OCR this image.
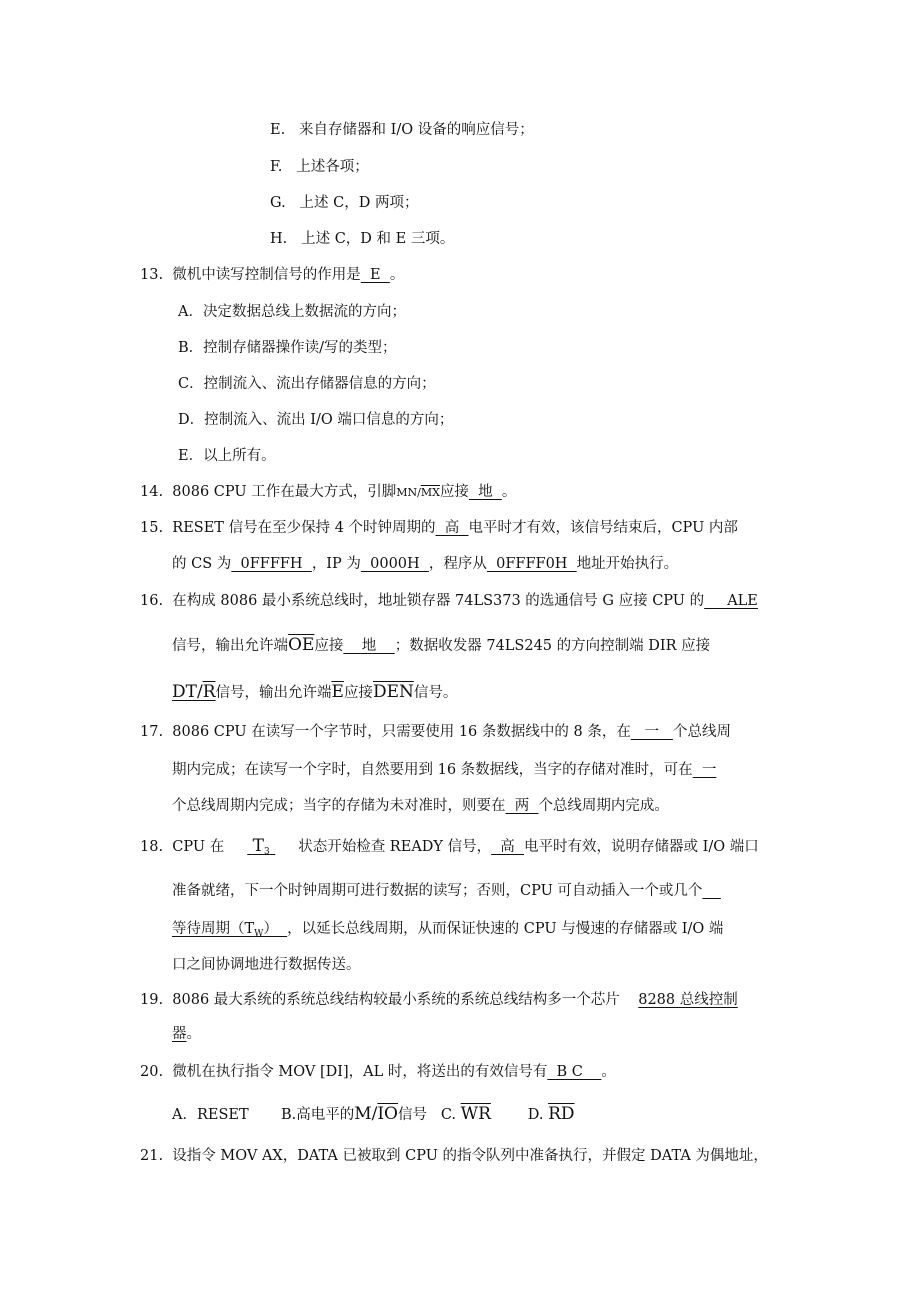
E. 来自存储器和 I/O 设备的响应信号；
F. 上述各项；
G. 上述 C，D 两项；
H. 上述 C，D 和 E 三项。
13. 微机中读写控制信号的作用是  E  。
A．决定数据总线上数据流的方向；
B．控制存储器操作读/写的类型；
C．控制流入、流出存储器信息的方向；
D．控制流入、流出 I/O 端口信息的方向；
E．以上所有。
14. 8086 CPU 工作在最大方式，引脚$MN/\overline{MX}$应接  地  。
15. RESET 信号在至少保持 4 个时钟周期的  高  电平时才有效，该信号结束后，CPU 内部
的 CS 为  0FFFFH  ，IP 为  0000H  ，程序从  0FFFF0H  地址开始执行。
16. 在构成 8086 最小系统总线时，地址锁存器 74LS373 的选通信号 G 应接 CPU 的     ALE
信号，输出允许端$\overline{OE}$应接    地    ；数据收发器 74LS245 的方向控制端 DIR 应接
DT/R信号，输出允许端$\overline{E}$应接$\overline{DEN}$信号。
17. 8086 CPU 在读写一个字节时，只需要使用 16 条数据线中的 8 条，在   一   个总线周
期内完成；在读写一个字时，自然要用到 16 条数据线，当字的存储对准时，可在  一
个总线周期内完成；当字的存储为未对准时，则要在  两  个总线周期内完成。
18. CPU 在 $T_3$ 状态开始检查 READY 信号，  高  电平时有效，说明存储器或 I/O 端口
准备就绪，下一个时钟周期可进行数据的读写；否则，CPU 可自动插入一个或几个
等待周期$(T_W)$  ，以延长总线周期，从而保证快速的 CPU 与慢速的存储器或 I/O 端
口之间协调地进行数据传送。
19. 8086 最大系统的系统总线结构较最小系统的系统总线结构多一个芯片 8288 总线控制
器。
20. 微机在执行指令 MOV [DI]，AL 时，将送出的有效信号有  B C    。
A．RESET B.高电平的$M/\overline{IO}$信号 C. $\overline{WR}$	D. $\overline{RD}$
21. 设指令 MOV AX，DATA 已被取到 CPU 的指令队列中准备执行，并假定 DATA 为偶地址，
